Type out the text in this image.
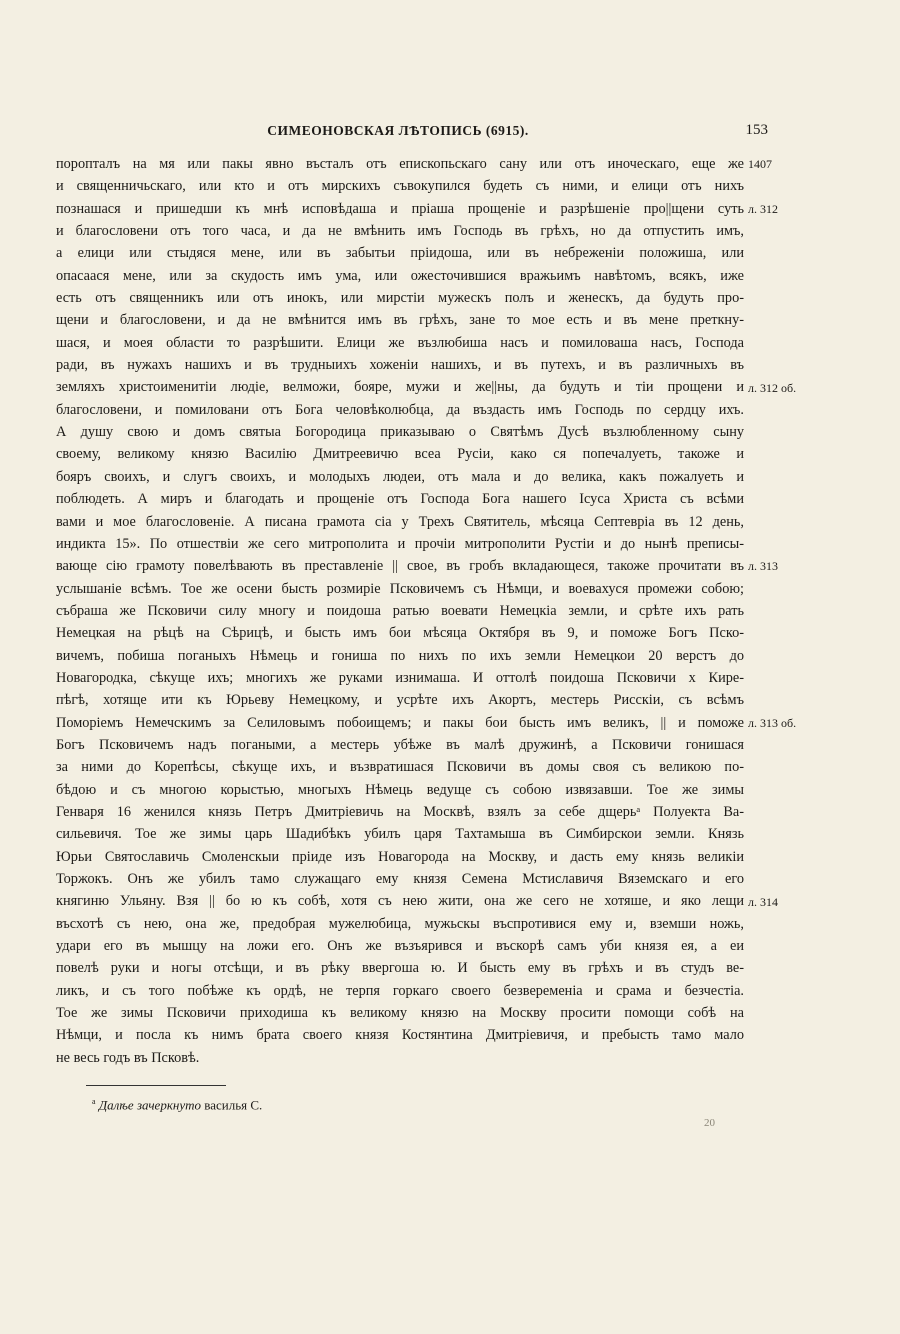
СИМЕОНОВСКАЯ ЛѢТОПИСЬ (6915).	153
поропталъ на мя или пакы явно въсталъ отъ епископьскаго сану или отъ иноческаго, еще же
и священничьскаго, или кто и отъ мирскихъ съвокупился будеть съ ними, и елици отъ нихъ
познашася и пришедши къ мнѣ исповѣдаша и пріаша прощеніе и разрѣшеніе про||щени суть
и благословени отъ того часа, и да не вмѣнить имъ Господь въ грѣхъ, но да отпустить имъ,
а елици или стыдяся мене, или въ забытьи пріидоша, или въ небреженіи положиша, или
опасаася мене, или за скудость имъ ума, или ожесточившися вражьимъ навѣтомъ, всякъ, иже
есть отъ священникъ или отъ инокъ, или мирстіи мужескъ полъ и женескъ, да будуть про-
щени и благословени, и да не вмѣнится имъ въ грѣхъ, зане то мое есть и въ мене преткну-
шася, и моея области то разрѣшити. Елици же възлюбиша насъ и помиловаша насъ, Господа
ради, въ нужахъ нашихъ и въ трудныихъ хоженіи нашихъ, и въ путехъ, и въ различныхъ въ
земляхъ христоименитіи людіе, велможи, бояре, мужи и же||ны, да будуть и тіи прощени и
благословени, и помиловани отъ Бога человѣколюбца, да въздасть имъ Господь по сердцу ихъ.
А душу свою и домъ святыа Богородица приказываю о Святѣмъ Дусѣ възлюбленному сыну
своему, великому князю Василію Дмитреевичю всеа Русіи, како ся попечалуеть, такоже и
бояръ своихъ, и слугъ своихъ, и молодыхъ людеи, отъ мала и до велика, какъ пожалуеть и
поблюдеть. А миръ и благодать и прощеніе отъ Господа Бога нашего Ісуса Христа съ всѣми
вами и мое благословеніе. А писана грамота сіа у Трехъ Святитель, мѣсяца Септевріа въ 12 день,
индикта 15». По отшествіи же сего митрополита и прочіи митрополити Рустіи и до нынѣ преписы-
вающе сію грамоту повелѣвають въ преставленіе || свое, въ гробъ вкладающеся, такоже прочитати въ
услышаніе всѣмъ. Тое же осени бысть розмиріе Псковичемъ съ Нѣмци, и воевахуся промежи собою;
събраша же Псковичи силу многу и поидоша ратью воевати Немецкіа земли, и срѣте ихъ рать
Немецкая на рѣцѣ на Сѣрицѣ, и бысть имъ бои мѣсяца Октября въ 9, и поможе Богъ Пско-
вичемъ, побиша поганыхъ Нѣмець и гониша по нихъ по ихъ земли Немецкои 20 верстъ до
Новагородка, сѣкуще ихъ; многихъ же руками изнимаша. И оттолѣ поидоша Псковичи х Кире-
пѣгѣ, хотяще ити къ Юрьеву Немецкому, и усрѣте ихъ Акортъ, местерь Рисскіи, съ всѣмъ
Поморіемъ Немечскимъ за Селиловымъ побоищемъ; и пакы бои бысть имъ великъ, || и поможе
Богъ Псковичемъ надъ погаными, а местерь убѣже въ малѣ дружинѣ, а Псковичи гонишася
за ними до Корепѣсы, сѣкуще ихъ, и възвратишася Псковичи въ домы своя съ великою по-
бѣдою и съ многою корыстью, многыхъ Нѣмець ведуще съ собою извязавши. Тое же зимы
Генваря 16 женился князь Петръ Дмитріевичь на Москвѣ, взялъ за себе дщерьᵃ Полуекта Ва-
сильевичя. Тое же зимы царь Шадибѣкъ убилъ царя Тахтамыша въ Симбирскои земли. Князь
Юрьи Святославичь Смоленскыи пріиде изъ Новагорода на Москву, и дасть ему князь великіи
Торжокъ. Онъ же убилъ тамо служащаго ему князя Семена Мстиславичя Вяземскаго и его
княгиню Ульяну. Взя || бо ю къ собѣ, хотя съ нею жити, она же сего не хотяше, и яко лещи
въсхотѣ съ нею, она же, предобрая мужелюбица, мужьскы въспротивися ему и, вземши ножь,
удари его въ мышцу на ложи его. Онъ же възъярився и въскорѣ самъ уби князя ея, а еи
повелѣ руки и ногы отсѣщи, и въ рѣку ввергоша ю. И бысть ему въ грѣхъ и въ студъ ве-
ликъ, и съ того побѣже къ ордѣ, не терпя горкаго своего безвеременіа и срама и безчестіа.
Тое же зимы Псковичи приходиша къ великому князю на Москву просити помощи собѣ на
Нѣмци, и посла къ нимъ брата своего князя Костянтина Дмитріевичя, и пребысть тамо мало
не весь годъ въ Псковѣ.
1407
л. 312
л. 312 об.
л. 313
л. 313 об.
л. 314
$^а$ Далѣе зачеркнуто василья С.
20
